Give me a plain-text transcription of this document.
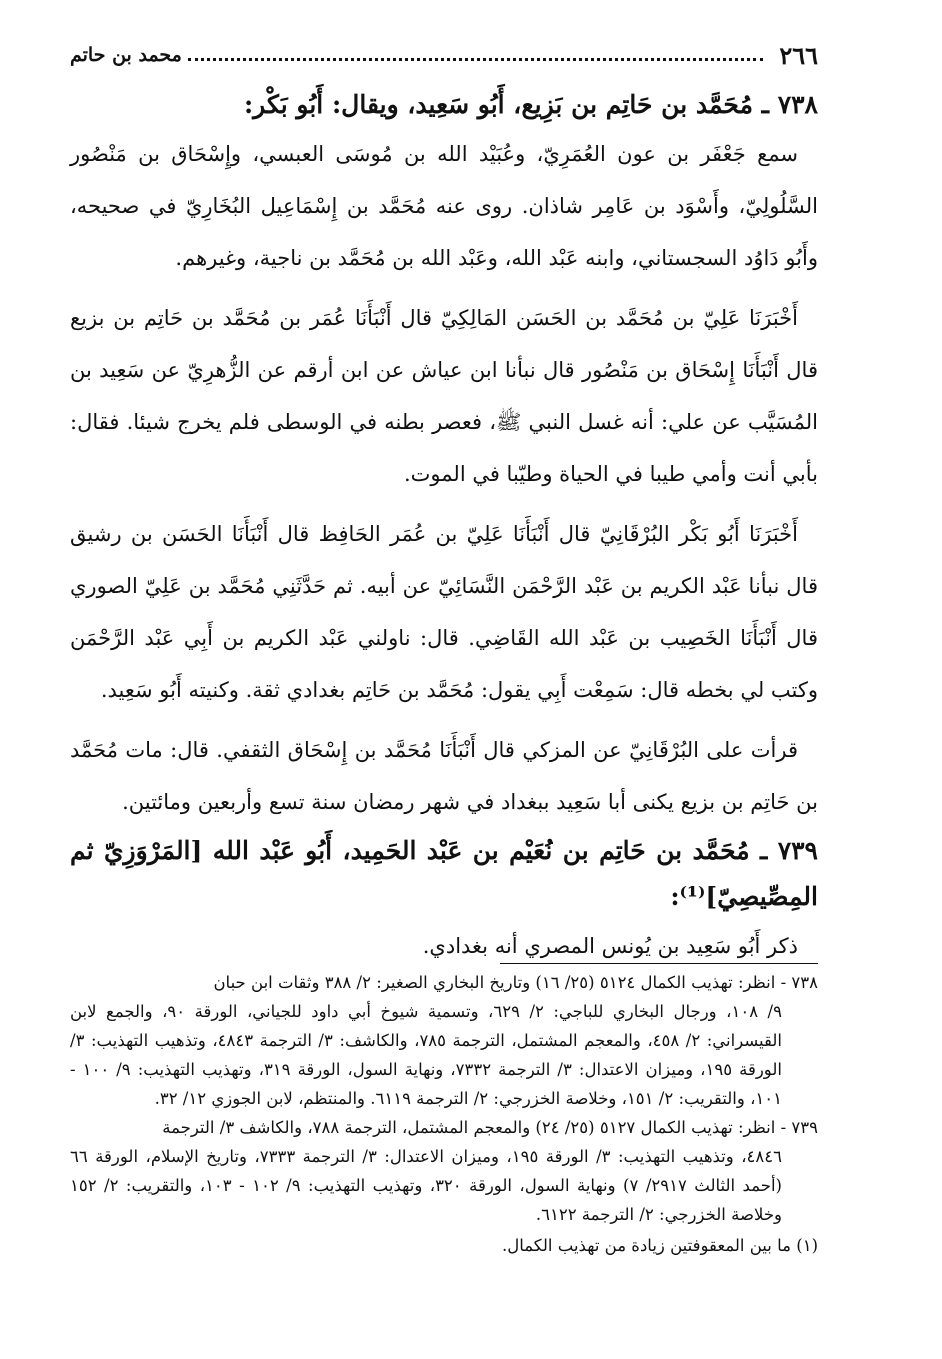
٢٦٦
محمد بن حاتم

٧٣٨ ـ مُحَمَّد بن حَاتِم بن بَزِيع، أَبُو سَعِيد، ويقال: أَبُو بَكْر:

سمع جَعْفَر بن عون العُمَرِيّ، وعُبَيْد الله بن مُوسَى العبسي، وإِسْحَاق بن مَنْصُور السَّلُولِيّ، وأَسْوَد بن عَامِر شاذان. روى عنه مُحَمَّد بن إِسْمَاعِيل البُخَارِيّ في صحيحه، وأَبُو دَاوُد السجستاني، وابنه عَبْد الله، وعَبْد الله بن مُحَمَّد بن ناجية، وغيرهم.

أَخْبَرَنَا عَلِيّ بن مُحَمَّد بن الحَسَن المَالِكِيّ قال أَنْبَأَنَا عُمَر بن مُحَمَّد بن حَاتِم بن بزيع قال أَنْبَأَنَا إِسْحَاق بن مَنْصُور قال نبأنا ابن عياش عن ابن أرقم عن الزُّهرِيّ عن سَعِيد بن المُسَيَّب عن علي: أنه غسل النبي ﷺ، فعصر بطنه في الوسطى فلم يخرج شيئا. فقال: بأبي أنت وأمي طيبا في الحياة وطيّبا في الموت.

أَخْبَرَنَا أَبُو بَكْر البُرْقَانِيّ قال أَنْبَأَنَا عَلِيّ بن عُمَر الحَافِظ قال أَنْبَأَنَا الحَسَن بن رشيق قال نبأنا عَبْد الكريم بن عَبْد الرَّحْمَن النَّسَائِيّ عن أبيه. ثم حَدَّثَنِي مُحَمَّد بن عَلِيّ الصوري قال أَنْبَأَنَا الخَصِيب بن عَبْد الله القَاضِي. قال: ناولني عَبْد الكريم بن أَبِي عَبْد الرَّحْمَن وكتب لي بخطه قال: سَمِعْت أَبِي يقول: مُحَمَّد بن حَاتِم بغدادي ثقة. وكنيته أَبُو سَعِيد.

قرأت على البُرْقَانِيّ عن المزكي قال أَنْبَأَنَا مُحَمَّد بن إِسْحَاق الثقفي. قال: مات مُحَمَّد بن حَاتِم بن بزيع يكنى أبا سَعِيد ببغداد في شهر رمضان سنة تسع وأربعين ومائتين.

٧٣٩ ـ مُحَمَّد بن حَاتِم بن نُعَيْم بن عَبْد الحَمِيد، أَبُو عَبْد الله [المَرْوَزِيّ ثم المِصِّيصِيّ]⁽¹⁾:

ذكر أَبُو سَعِيد بن يُونس المصري أنه بغدادي.

٧٣٨ - انظر: تهذيب الكمال ٥١٢٤ (٢٥/ ١٦) وتاريخ البخاري الصغير: ٢/ ٣٨٨ وثقات ابن حبان
٩/ ١٠٨، ورجال البخاري للباجي: ٢/ ٦٢٩، وتسمية شيوخ أبي داود للجياني، الورقة ٩٠، والجمع لابن القيسراني: ٢/ ٤٥٨، والمعجم المشتمل، الترجمة ٧٨٥، والكاشف: ٣/ الترجمة ٤٨٤٣، وتذهيب التهذيب: ٣/ الورقة ١٩٥، وميزان الاعتدال: ٣/ الترجمة ٧٣٣٢، ونهاية السول، الورقة ٣١٩، وتهذيب التهذيب: ٩/ ١٠٠ - ١٠١، والتقريب: ٢/ ١٥١، وخلاصة الخزرجي: ٢/ الترجمة ٦١١٩. والمنتظم، لابن الجوزي ١٢/ ٣٢.

٧٣٩ - انظر: تهذيب الكمال ٥١٢٧ (٢٥/ ٢٤) والمعجم المشتمل، الترجمة ٧٨٨، والكاشف ٣/ الترجمة
٤٨٤٦، وتذهيب التهذيب: ٣/ الورقة ١٩٥، وميزان الاعتدال: ٣/ الترجمة ٧٣٣٣، وتاريخ الإسلام، الورقة ٦٦ (أحمد الثالث ٢٩١٧/ ٧) ونهاية السول، الورقة ٣٢٠، وتهذيب التهذيب: ٩/ ١٠٢ - ١٠٣، والتقريب: ٢/ ١٥٢ وخلاصة الخزرجي: ٢/ الترجمة ٦١٢٢.

(١) ما بين المعقوفتين زيادة من تهذيب الكمال.
